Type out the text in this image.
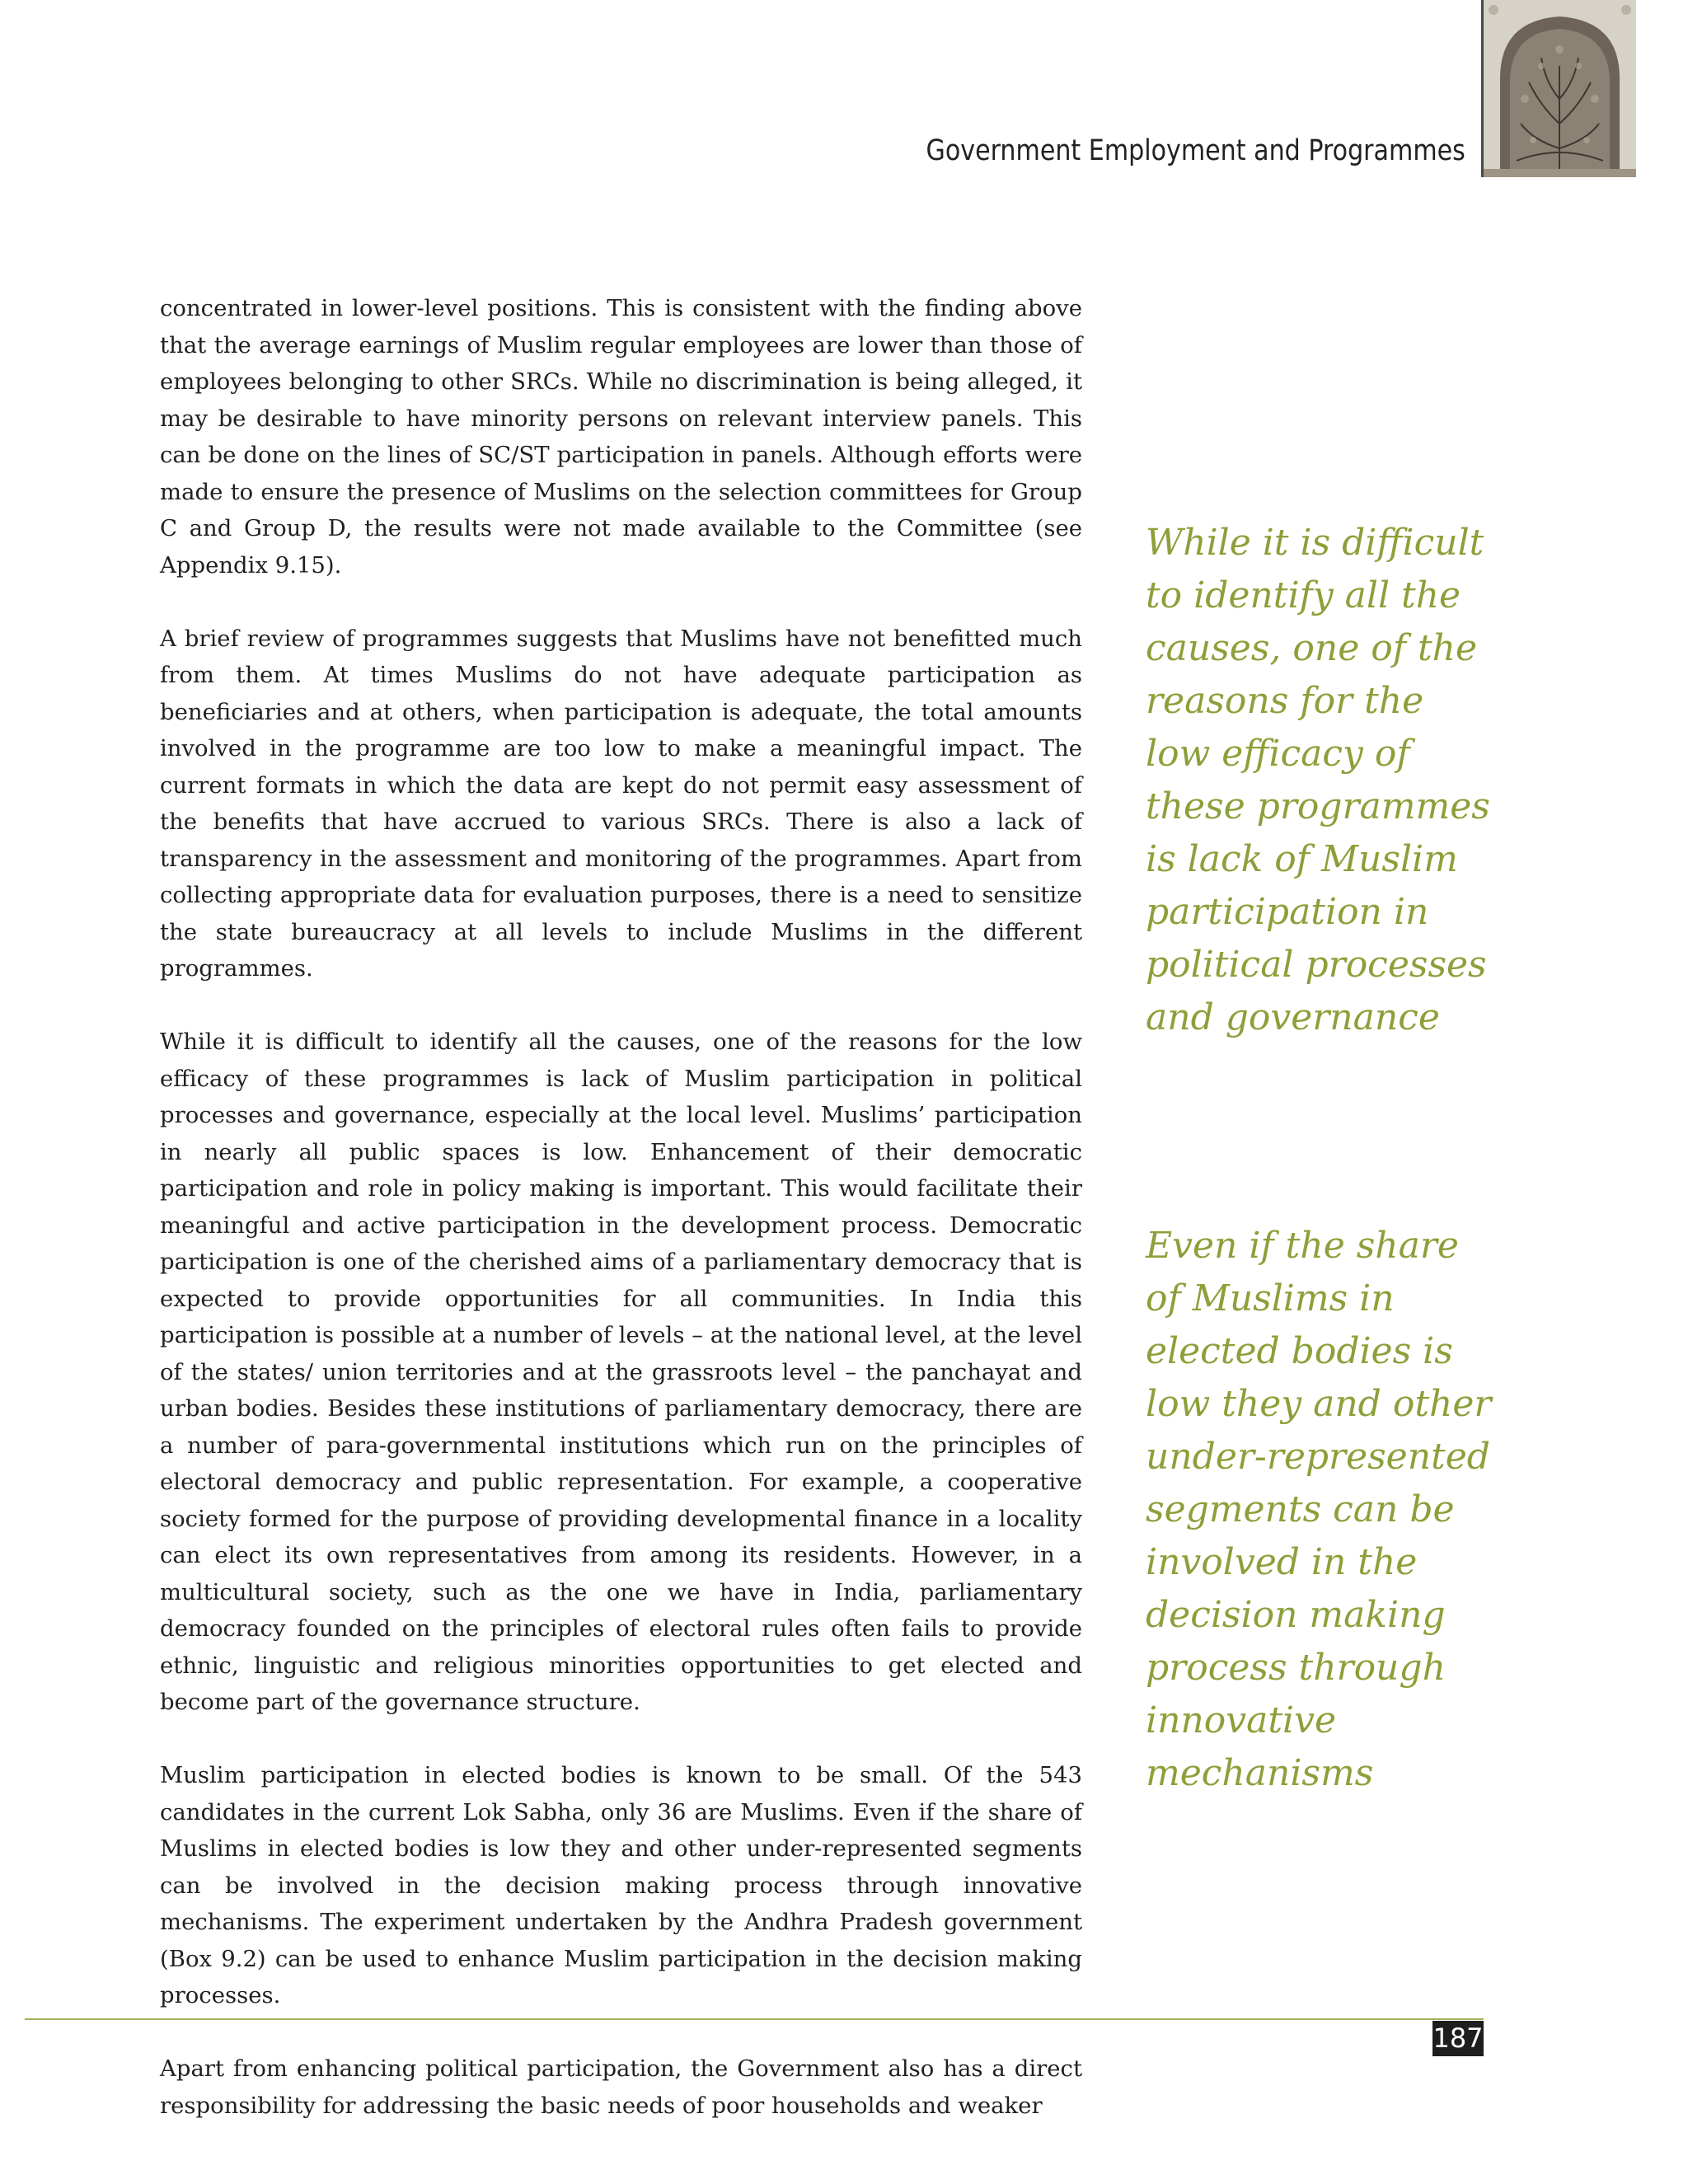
Government Employment and Programmes

concentrated in lower-level positions. This is consistent with the finding above that the average earnings of Muslim regular employees are lower than those of employees belonging to other SRCs. While no discrimination is being alleged, it may be desirable to have minority persons on relevant interview panels. This can be done on the lines of SC/ST participation in panels. Although efforts were made to ensure the presence of Muslims on the selection committees for Group C and Group D, the results were not made available to the Committee (see Appendix 9.15).

A brief review of programmes suggests that Muslims have not benefitted much from them. At times Muslims do not have adequate participation as beneficiaries and at others, when participation is adequate, the total amounts involved in the programme are too low to make a meaningful impact. The current formats in which the data are kept do not permit easy assessment of the benefits that have accrued to various SRCs. There is also a lack of transparency in the assessment and monitoring of the programmes. Apart from collecting appropriate data for evaluation purposes, there is a need to sensitize the state bureaucracy at all levels to include Muslims in the different programmes.

While it is difficult to identify all the causes, one of the reasons for the low efficacy of these programmes is lack of Muslim participation in political processes and governance, especially at the local level. Muslims’ participation in nearly all public spaces is low. Enhancement of their democratic participation and role in policy making is important. This would facilitate their meaningful and active participation in the development process. Democratic participation is one of the cherished aims of a parliamentary democracy that is expected to provide opportunities for all communities. In India this participation is possible at a number of levels – at the national level, at the level of the states/ union territories and at the grassroots level – the panchayat and urban bodies. Besides these institutions of parliamentary democracy, there are a number of para-governmental institutions which run on the principles of electoral democracy and public representation. For example, a cooperative society formed for the purpose of providing developmental finance in a locality can elect its own representatives from among its residents. However, in a multicultural society, such as the one we have in India, parliamentary democracy founded on the principles of electoral rules often fails to provide ethnic, linguistic and religious minorities opportunities to get elected and become part of the governance structure.

Muslim participation in elected bodies is known to be small. Of the 543 candidates in the current Lok Sabha, only 36 are Muslims. Even if the share of Muslims in elected bodies is low they and other under-represented segments can be involved in the decision making process through innovative mechanisms. The experiment undertaken by the Andhra Pradesh government (Box 9.2) can be used to enhance Muslim participation in the decision making processes.

Apart from enhancing political participation, the Government also has a direct responsibility for addressing the basic needs of poor households and weaker

While it is difficult to identify all the causes, one of the reasons for the low efficacy of these programmes is lack of Muslim participation in political processes and governance
Even if the share of Muslims in elected bodies is low they and other under-represented segments can be involved in the decision making process through innovative mechanisms
187
